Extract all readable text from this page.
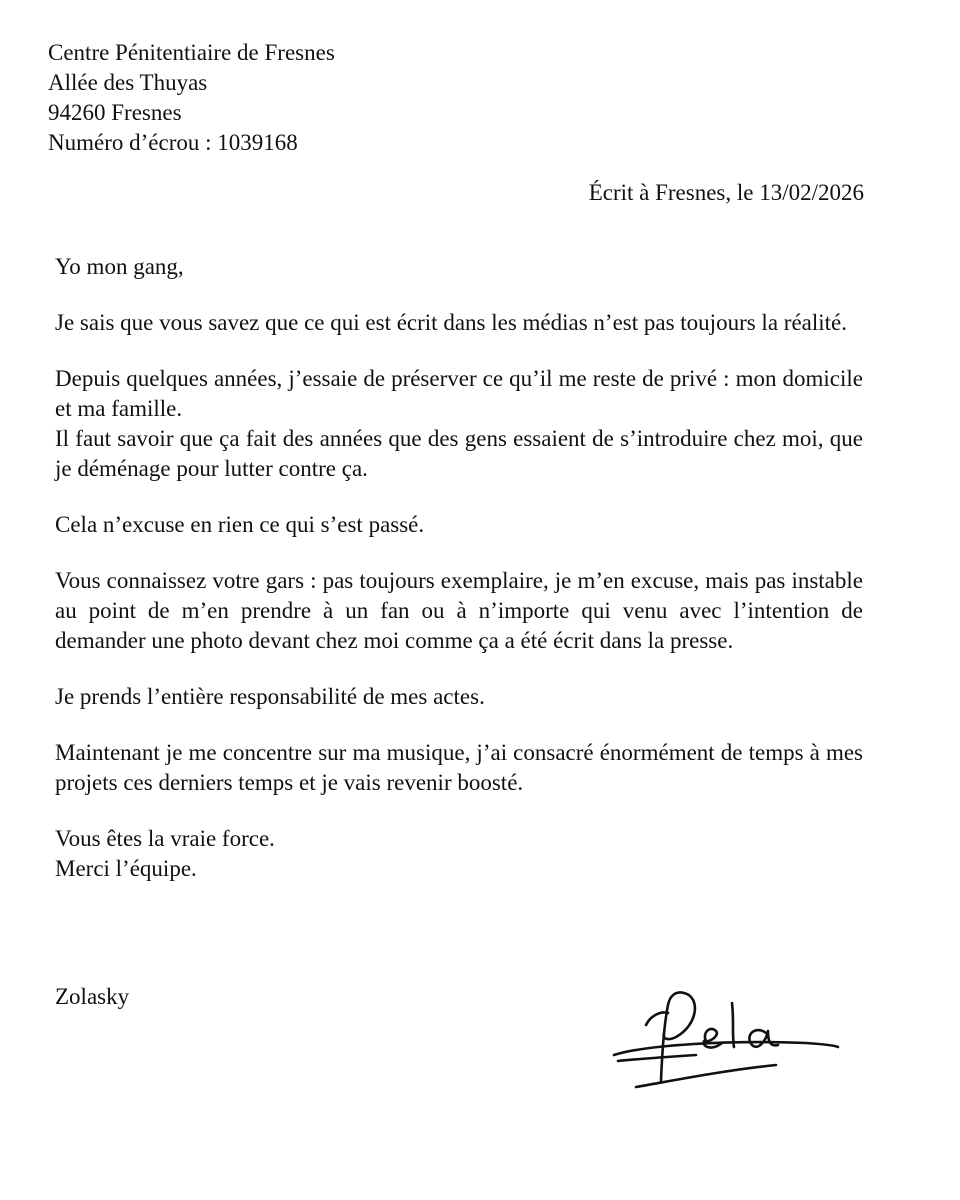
Centre Pénitentiaire de Fresnes
Allée des Thuyas
94260 Fresnes
Numéro d’écrou : 1039168
Écrit à Fresnes, le 13/02/2026

Yo mon gang,

Je sais que vous savez que ce qui est écrit dans les médias n’est pas toujours la réalité.

Depuis quelques années, j’essaie de préserver ce qu’il me reste de privé : mon domicile et ma famille.
Il faut savoir que ça fait des années que des gens essaient de s’introduire chez moi, que je déménage pour lutter contre ça.

Cela n’excuse en rien ce qui s’est passé.

Vous connaissez votre gars : pas toujours exemplaire, je m’en excuse, mais pas instable au point de m’en prendre à un fan ou à n’importe qui venu avec l’intention de demander une photo devant chez moi comme ça a été écrit dans la presse.

Je prends l’entière responsabilité de mes actes.

Maintenant je me concentre sur ma musique, j’ai consacré énormément de temps à mes projets ces derniers temps et je vais revenir boosté.

Vous êtes la vraie force.
Merci l’équipe.
Zolasky
